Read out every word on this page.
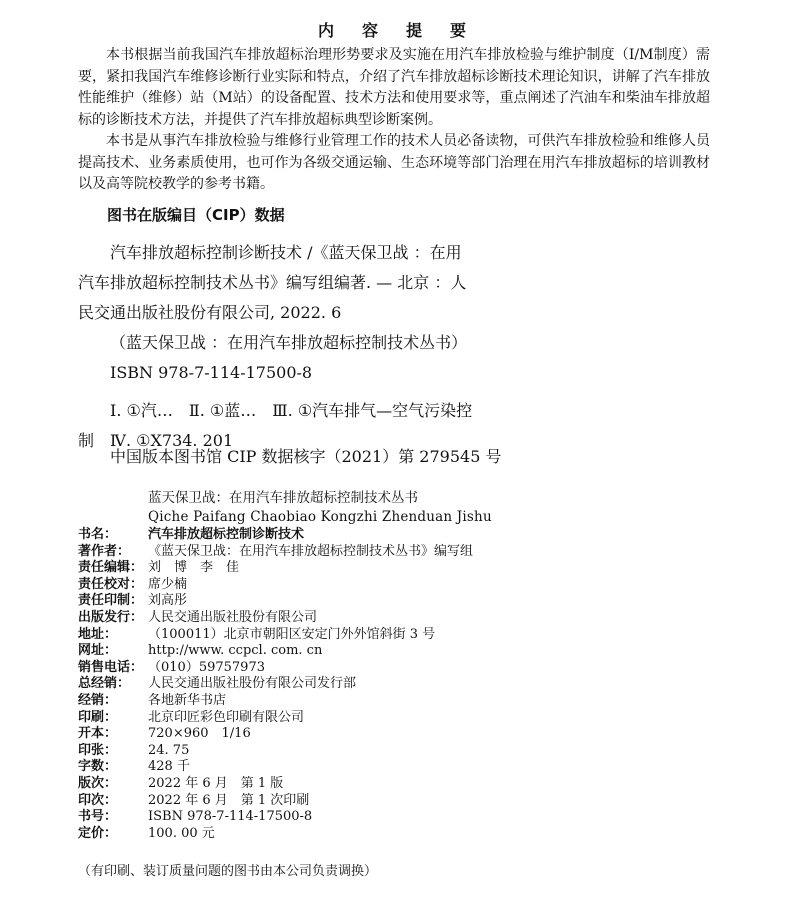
内　容　提　要

本书根据当前我国汽车排放超标治理形势要求及实施在用汽车排放检验与维护制度（I/M制度）需要，紧扣我国汽车维修诊断行业实际和特点，介绍了汽车排放超标诊断技术理论知识，讲解了汽车排放性能维护（维修）站（M站）的设备配置、技术方法和使用要求等，重点阐述了汽油车和柴油车排放超标的诊断技术方法，并提供了汽车排放超标典型诊断案例。

本书是从事汽车排放检验与维修行业管理工作的技术人员必备读物，可供汽车排放检验和维修人员提高技术、业务素质使用，也可作为各级交通运输、生态环境等部门治理在用汽车排放超标的培训教材以及高等院校教学的参考书籍。

图书在版编目（CIP）数据
汽车排放超标控制诊断技术 /《蓝天保卫战 ：在用
汽车排放超标控制技术丛书》编写组编著. — 北京 ：人
民交通出版社股份有限公司, 2022. 6
（蓝天保卫战 ：在用汽车排放超标控制技术丛书）
ISBN 978-7-114-17500-8
Ⅰ. ①汽…　Ⅱ. ①蓝…　Ⅲ. ①汽车排气—空气污染控
制　Ⅳ. ①X734. 201
中国版本图书馆 CIP 数据核字（2021）第 279545 号
蓝天保卫战：在用汽车排放超标控制技术丛书
Qiche Paifang Chaobiao Kongzhi Zhenduan Jishu
书名： 汽车排放超标控制诊断技术
著作者： 《蓝天保卫战：在用汽车排放超标控制技术丛书》编写组
责任编辑： 刘　博　李　佳
责任校对： 席少楠
责任印制： 刘高彤
出版发行： 人民交通出版社股份有限公司
地址： （100011）北京市朝阳区安定门外外馆斜街 3 号
网址： http://www. ccpcl. com. cn
销售电话： （010）59757973
总经销： 人民交通出版社股份有限公司发行部
经销： 各地新华书店
印刷： 北京印匠彩色印刷有限公司
开本： 720×960　1/16
印张： 24. 75
字数： 428 千
版次： 2022 年 6 月　第 1 版
印次： 2022 年 6 月　第 1 次印刷
书号： ISBN 978-7-114-17500-8
定价： 100. 00 元
（有印刷、装订质量问题的图书由本公司负责调换）
